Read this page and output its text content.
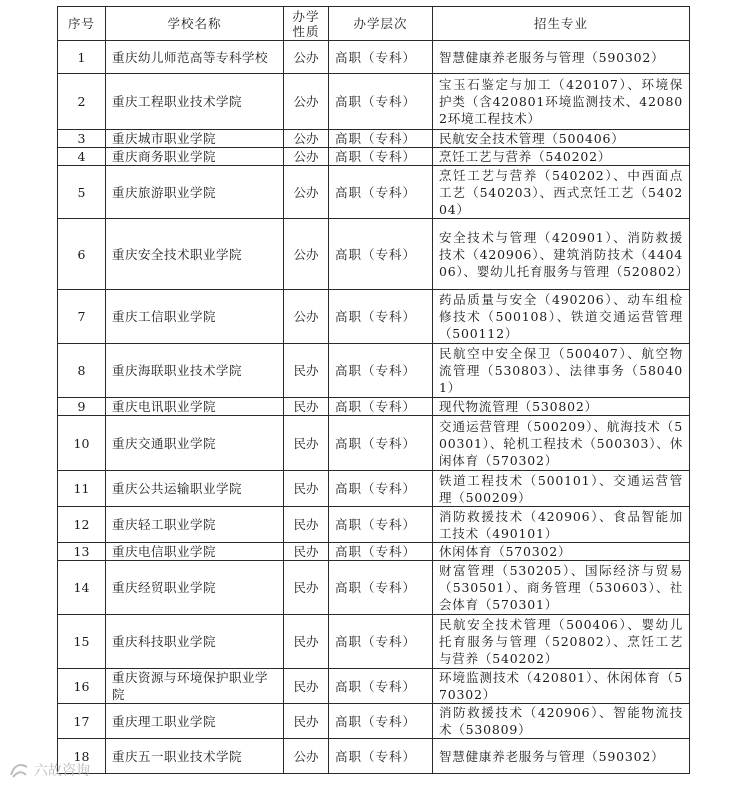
序号	学校名称	办学性质	办学层次	招生专业
1	重庆幼儿师范高等专科学校	公办	高职（专科）	智慧健康养老服务与管理（590302）
2	重庆工程职业技术学院	公办	高职（专科）	宝玉石鉴定与加工（420107）、环境保护类（含420801环境监测技术、420802环境工程技术）
3	重庆城市职业学院	公办	高职（专科）	民航安全技术管理（500406）
4	重庆商务职业学院	公办	高职（专科）	烹饪工艺与营养（540202）
5	重庆旅游职业学院	公办	高职（专科）	烹饪工艺与营养（540202）、中西面点工艺（540203）、西式烹饪工艺（540204）
6	重庆安全技术职业学院	公办	高职（专科）	安全技术与管理（420901）、消防救援技术（420906）、建筑消防技术（440406）、婴幼儿托育服务与管理（520802）
7	重庆工信职业学院	公办	高职（专科）	药品质量与安全（490206）、动车组检修技术（500108）、铁道交通运营管理（500112）
8	重庆海联职业技术学院	民办	高职（专科）	民航空中安全保卫（500407）、航空物流管理（530803）、法律事务（580401）
9	重庆电讯职业学院	民办	高职（专科）	现代物流管理（530802）
10	重庆交通职业学院	民办	高职（专科）	交通运营管理（500209）、航海技术（500301）、轮机工程技术（500303）、休闲体育（570302）
11	重庆公共运输职业学院	民办	高职（专科）	铁道工程技术（500101）、交通运营管理（500209）
12	重庆轻工职业学院	民办	高职（专科）	消防救援技术（420906）、食品智能加工技术（490101）
13	重庆电信职业学院	民办	高职（专科）	休闲体育（570302）
14	重庆经贸职业学院	民办	高职（专科）	财富管理（530205）、国际经济与贸易（530501）、商务管理（530603）、社会体育（570301）
15	重庆科技职业学院	民办	高职（专科）	民航安全技术管理（500406）、婴幼儿托育服务与管理（520802）、烹饪工艺与营养（540202）
16	重庆资源与环境保护职业学院	民办	高职（专科）	环境监测技术（420801）、休闲体育（570302）
17	重庆理工职业学院	民办	高职（专科）	消防救援技术（420906）、智能物流技术（530809）
18	重庆五一职业技术学院	公办	高职（专科）	智慧健康养老服务与管理（590302）
六故咨询
